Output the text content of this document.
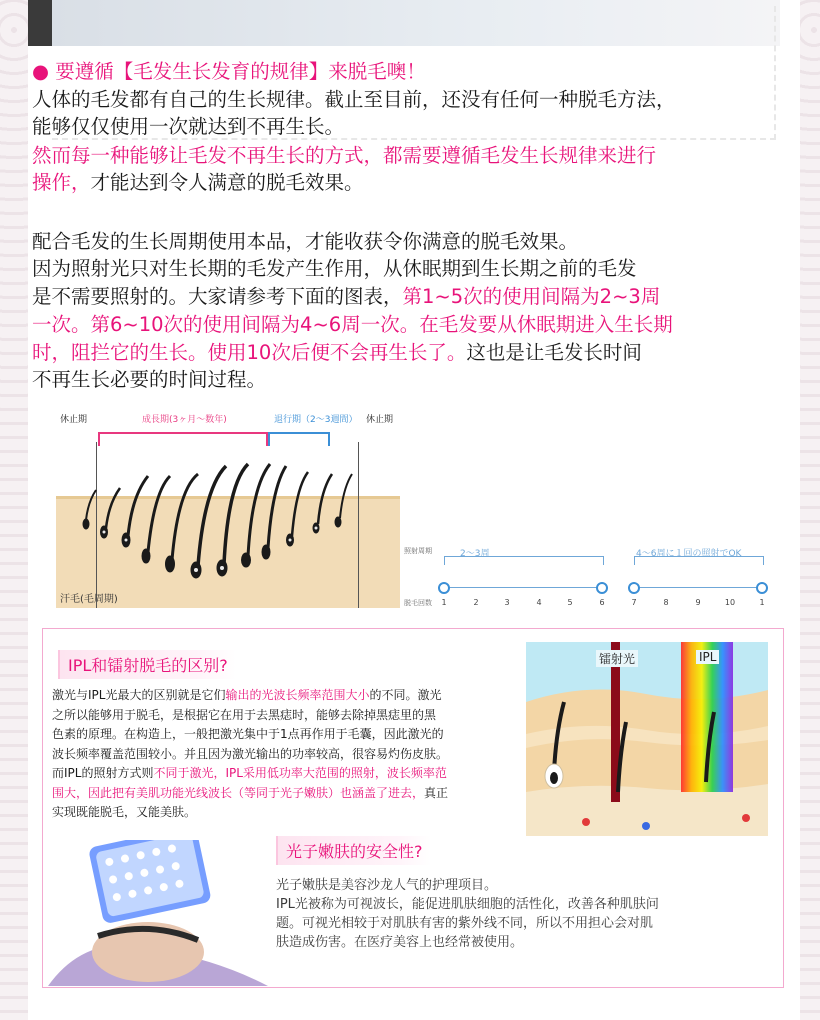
● 要遵循【毛发生长发育的规律】来脱毛噢！
人体的毛发都有自己的生长规律。截止至目前，还没有任何一种脱毛方法，
能够仅仅使用一次就达到不再生长。
然而每一种能够让毛发不再生长的方式，都需要遵循毛发生长规律来进行
操作，才能达到令人满意的脱毛效果。
配合毛发的生长周期使用本品，才能收获令你满意的脱毛效果。
因为照射光只对生长期的毛发产生作用，从休眠期到生长期之前的毛发
是不需要照射的。大家请参考下面的图表，第1~5次的使用间隔为2~3周
一次。第6~10次的使用间隔为4~6周一次。在毛发要从休眠期进入生长期
时，阻拦它的生长。使用10次后便不会再生长了。这也是让毛发长时间
不再生长必要的时间过程。
休止期	成長期(3ヶ月～数年)	退行期（2～3週間） 休止期
汗毛(毛周期)
照射周期
脱毛回数
2～3周	4～6周に１回の照射でOK
1	2	3	4	5	6	7	8	9	10	1
IPL和镭射脱毛的区别?
激光与IPL光最大的区别就是它们输出的光波长频率范围大小的不同。激光
之所以能够用于脱毛，是根据它在用于去黑痣时，能够去除掉黑痣里的黑
色素的原理。在构造上，一般把激光集中于1点再作用于毛囊，因此激光的
波长频率覆盖范围较小。并且因为激光输出的功率较高，很容易灼伤皮肤。
而IPL的照射方式则不同于激光，IPL采用低功率大范围的照射，波长频率范
围大，因此把有美肌功能光线波长（等同于光子嫩肤）也涵盖了进去，真正
实现既能脱毛，又能美肤。
镭射光	IPL
光子嫩肤的安全性?
光子嫩肤是美容沙龙人气的护理项目。
IPL光被称为可视波长，能促进肌肤细胞的活性化，改善各种肌肤问
题。可视光相较于对肌肤有害的紫外线不同，所以不用担心会对肌
肤造成伤害。在医疗美容上也经常被使用。
